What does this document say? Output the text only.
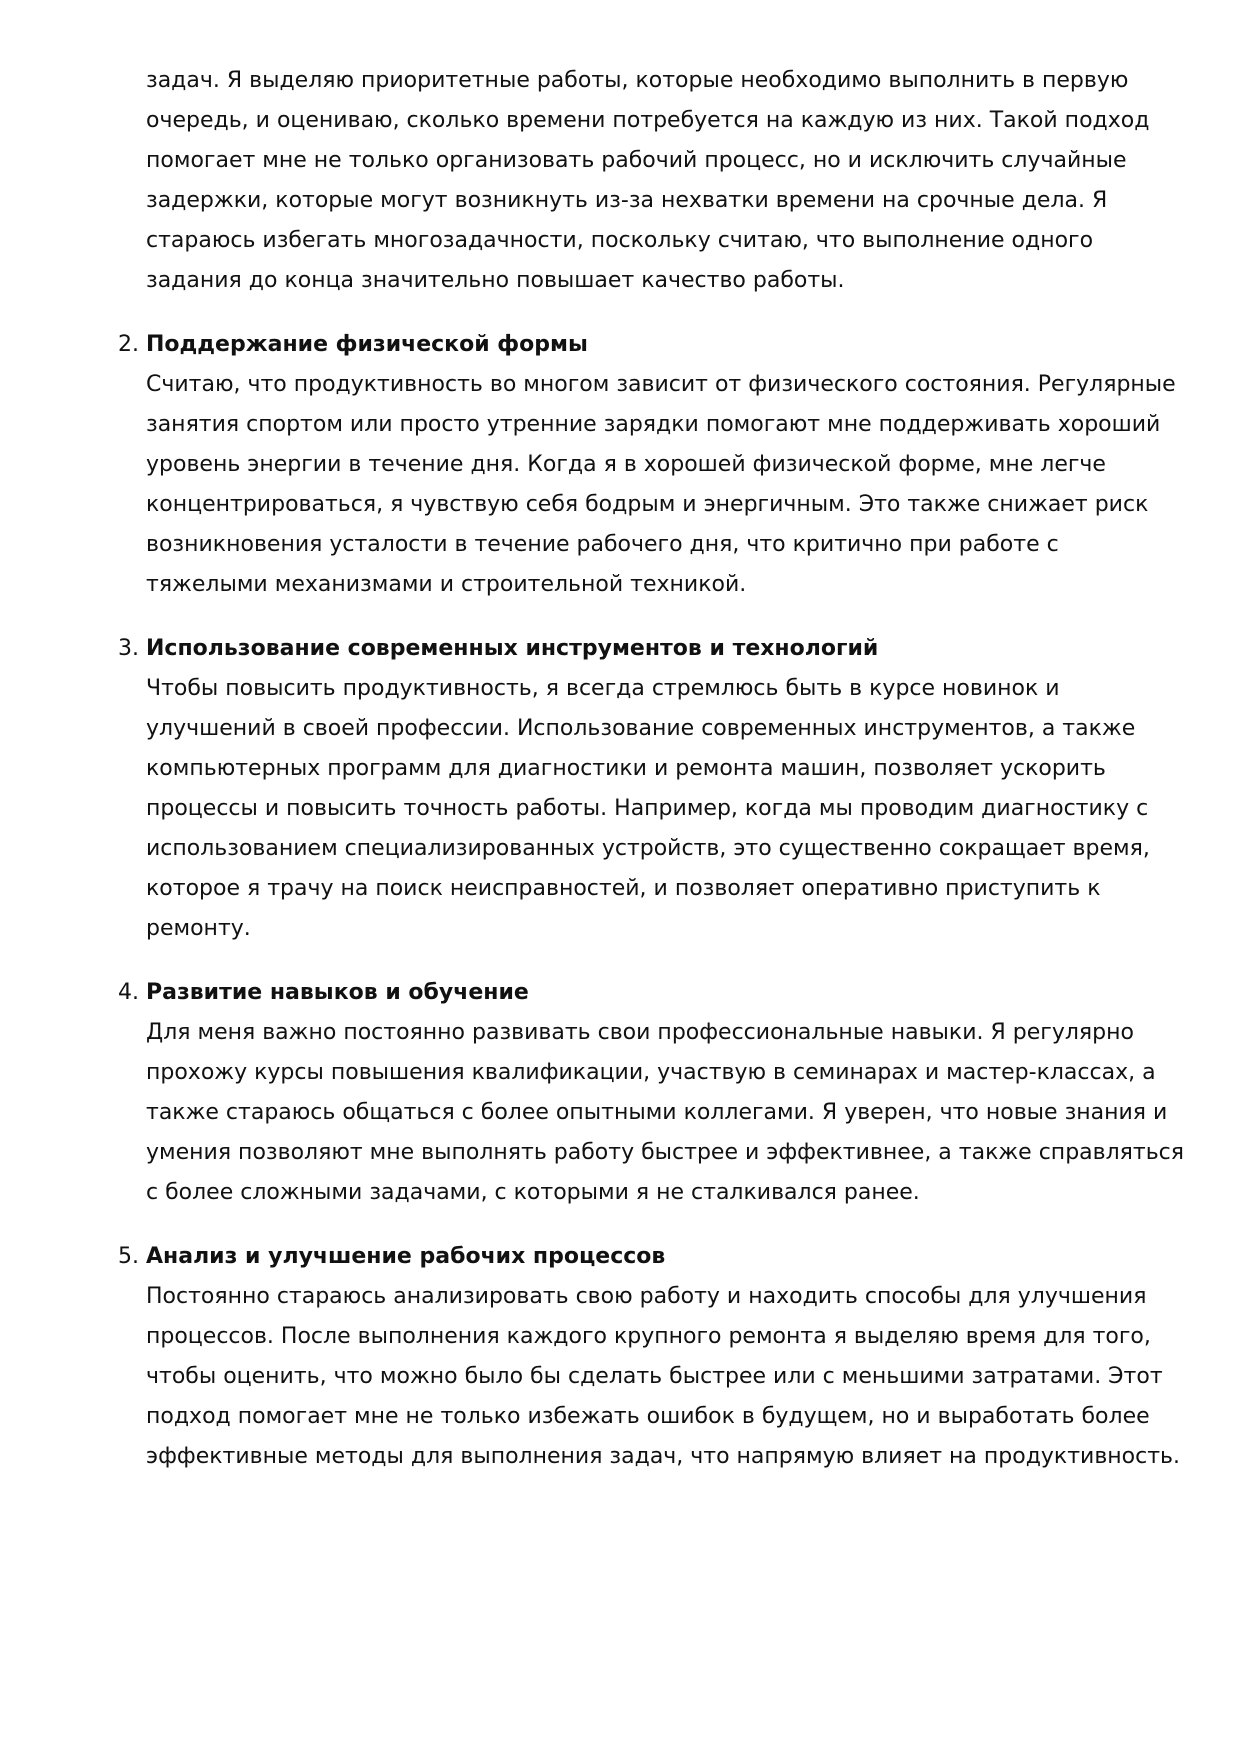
задач. Я выделяю приоритетные работы, которые необходимо выполнить в первую
очередь, и оцениваю, сколько времени потребуется на каждую из них. Такой подход
помогает мне не только организовать рабочий процесс, но и исключить случайные
задержки, которые могут возникнуть из-за нехватки времени на срочные дела. Я
стараюсь избегать многозадачности, поскольку считаю, что выполнение одного
задания до конца значительно повышает качество работы.
2. Поддержание физической формы
Считаю, что продуктивность во многом зависит от физического состояния. Регулярные
занятия спортом или просто утренние зарядки помогают мне поддерживать хороший
уровень энергии в течение дня. Когда я в хорошей физической форме, мне легче
концентрироваться, я чувствую себя бодрым и энергичным. Это также снижает риск
возникновения усталости в течение рабочего дня, что критично при работе с
тяжелыми механизмами и строительной техникой.
3. Использование современных инструментов и технологий
Чтобы повысить продуктивность, я всегда стремлюсь быть в курсе новинок и
улучшений в своей профессии. Использование современных инструментов, а также
компьютерных программ для диагностики и ремонта машин, позволяет ускорить
процессы и повысить точность работы. Например, когда мы проводим диагностику с
использованием специализированных устройств, это существенно сокращает время,
которое я трачу на поиск неисправностей, и позволяет оперативно приступить к
ремонту.
4. Развитие навыков и обучение
Для меня важно постоянно развивать свои профессиональные навыки. Я регулярно
прохожу курсы повышения квалификации, участвую в семинарах и мастер-классах, а
также стараюсь общаться с более опытными коллегами. Я уверен, что новые знания и
умения позволяют мне выполнять работу быстрее и эффективнее, а также справляться
с более сложными задачами, с которыми я не сталкивался ранее.
5. Анализ и улучшение рабочих процессов
Постоянно стараюсь анализировать свою работу и находить способы для улучшения
процессов. После выполнения каждого крупного ремонта я выделяю время для того,
чтобы оценить, что можно было бы сделать быстрее или с меньшими затратами. Этот
подход помогает мне не только избежать ошибок в будущем, но и выработать более
эффективные методы для выполнения задач, что напрямую влияет на продуктивность.
